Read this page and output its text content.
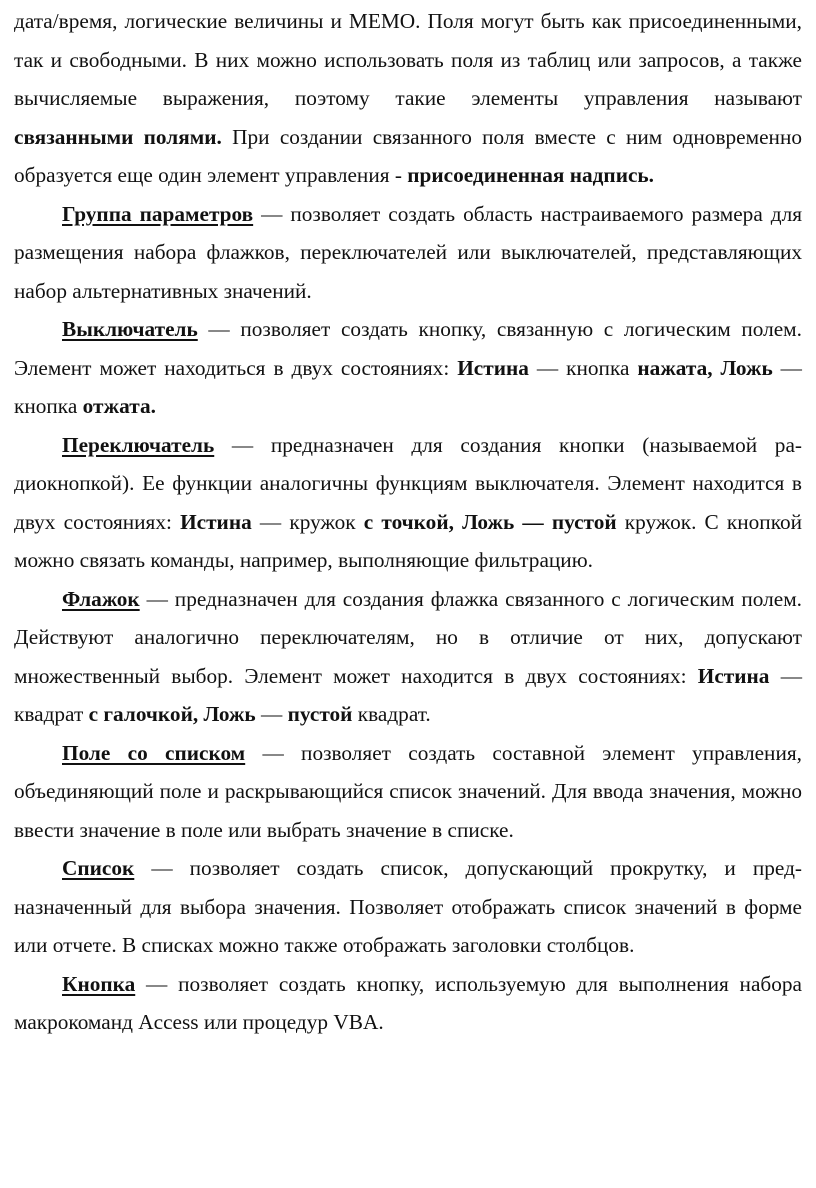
дата/время, логические величины и MEMO. Поля могут быть как присоединенными, так и свободными. В них можно использовать поля из таблиц или запросов, а также вычисляемые выражения, поэтому такие элементы управления называют связанными полями. При создании связанного поля вместе с ним одновременно образуется еще один элемент управления - присоединенная надпись.

Группа параметров — позволяет создать область настраиваемого размера для размещения набора флажков, переключателей или выключателей, представляющих набор альтернативных значений.

Выключатель — позволяет создать кнопку, связанную с логическим полем. Элемент может находиться в двух состояниях: Истина — кнопка нажата, Ложь — кнопка отжата.

Переключатель — предназначен для создания кнопки (называемой радиокнопкой). Ее функции аналогичны функциям выключателя. Элемент находится в двух состояниях: Истина — кружок с точкой, Ложь — пустой кружок. С кнопкой можно связать команды, например, выполняющие фильтрацию.

Флажок — предназначен для создания флажка связанного с логическим полем. Действуют аналогично переключателям, но в отличие от них, допускают множественный выбор. Элемент может находится в двух состояниях: Истина — квадрат с галочкой, Ложь — пустой квадрат.

Поле со списком — позволяет создать составной элемент управления, объединяющий поле и раскрывающийся список значений. Для ввода значения, можно ввести значение в поле или выбрать значение в списке.

Список — позволяет создать список, допускающий прокрутку, и предназначенный для выбора значения. Позволяет отображать список значений в форме или отчете. В списках можно также отображать заголовки столбцов.

Кнопка — позволяет создать кнопку, используемую для выполнения набора макрокоманд Access или процедур VBA.
